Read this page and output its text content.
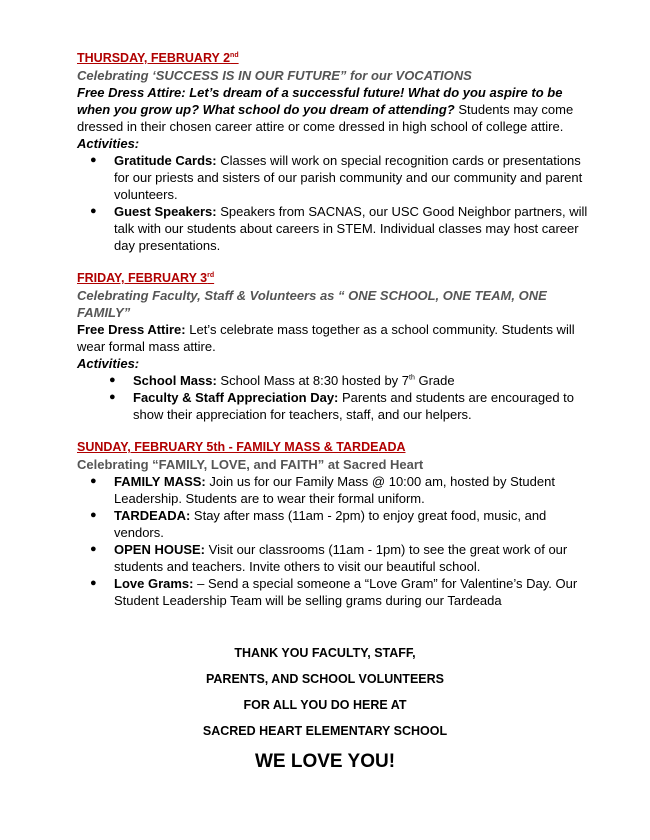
THURSDAY, FEBRUARY 2nd

Celebrating ‘SUCCESS IS IN OUR FUTURE” for our VOCATIONS

Free Dress Attire: Let’s dream of a successful future! What do you aspire to be when you grow up? What school do you dream of attending? Students may come dressed in their chosen career attire or come dressed in high school of college attire.

Activities:

● Gratitude Cards: Classes will work on special recognition cards or presentations for our priests and sisters of our parish community and our community and parent volunteers.
● Guest Speakers: Speakers from SACNAS, our USC Good Neighbor partners, will talk with our students about careers in STEM. Individual classes may host career day presentations.

FRIDAY, FEBRUARY 3rd

Celebrating Faculty, Staff & Volunteers as “ ONE SCHOOL, ONE TEAM, ONE FAMILY”

Free Dress Attire: Let’s celebrate mass together as a school community. Students will wear formal mass attire.

Activities:

● School Mass: School Mass at 8:30 hosted by 7th Grade
● Faculty & Staff Appreciation Day: Parents and students are encouraged to show their appreciation for teachers, staff, and our helpers.

SUNDAY, FEBRUARY 5th - FAMILY MASS & TARDEADA

Celebrating “FAMILY, LOVE, and FAITH” at Sacred Heart

● FAMILY MASS: Join us for our Family Mass @ 10:00 am, hosted by Student Leadership. Students are to wear their formal uniform.
● TARDEADA: Stay after mass (11am - 2pm) to enjoy great food, music, and vendors.
● OPEN HOUSE: Visit our classrooms (11am - 1pm) to see the great work of our students and teachers. Invite others to visit our beautiful school.
● Love Grams: – Send a special someone a “Love Gram” for Valentine’s Day. Our Student Leadership Team will be selling grams during our Tardeada

THANK YOU FACULTY, STAFF,

PARENTS, AND SCHOOL VOLUNTEERS

FOR ALL YOU DO HERE AT

SACRED HEART ELEMENTARY SCHOOL

WE LOVE YOU!
